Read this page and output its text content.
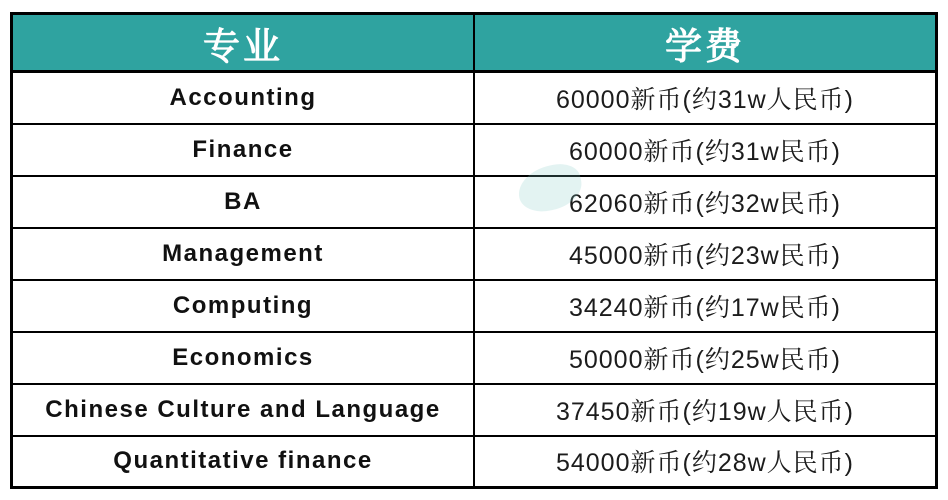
专业	学费
Accounting	60000新币(约31w人民币)
Finance	60000新币(约31w民币)
BA	62060新币(约32w民币)
Management	45000新币(约23w民币)
Computing	34240新币(约17w民币)
Economics	50000新币(约25w民币)
Chinese Culture and Language	37450新币(约19w人民币)
Quantitative finance	54000新币(约28w人民币)
